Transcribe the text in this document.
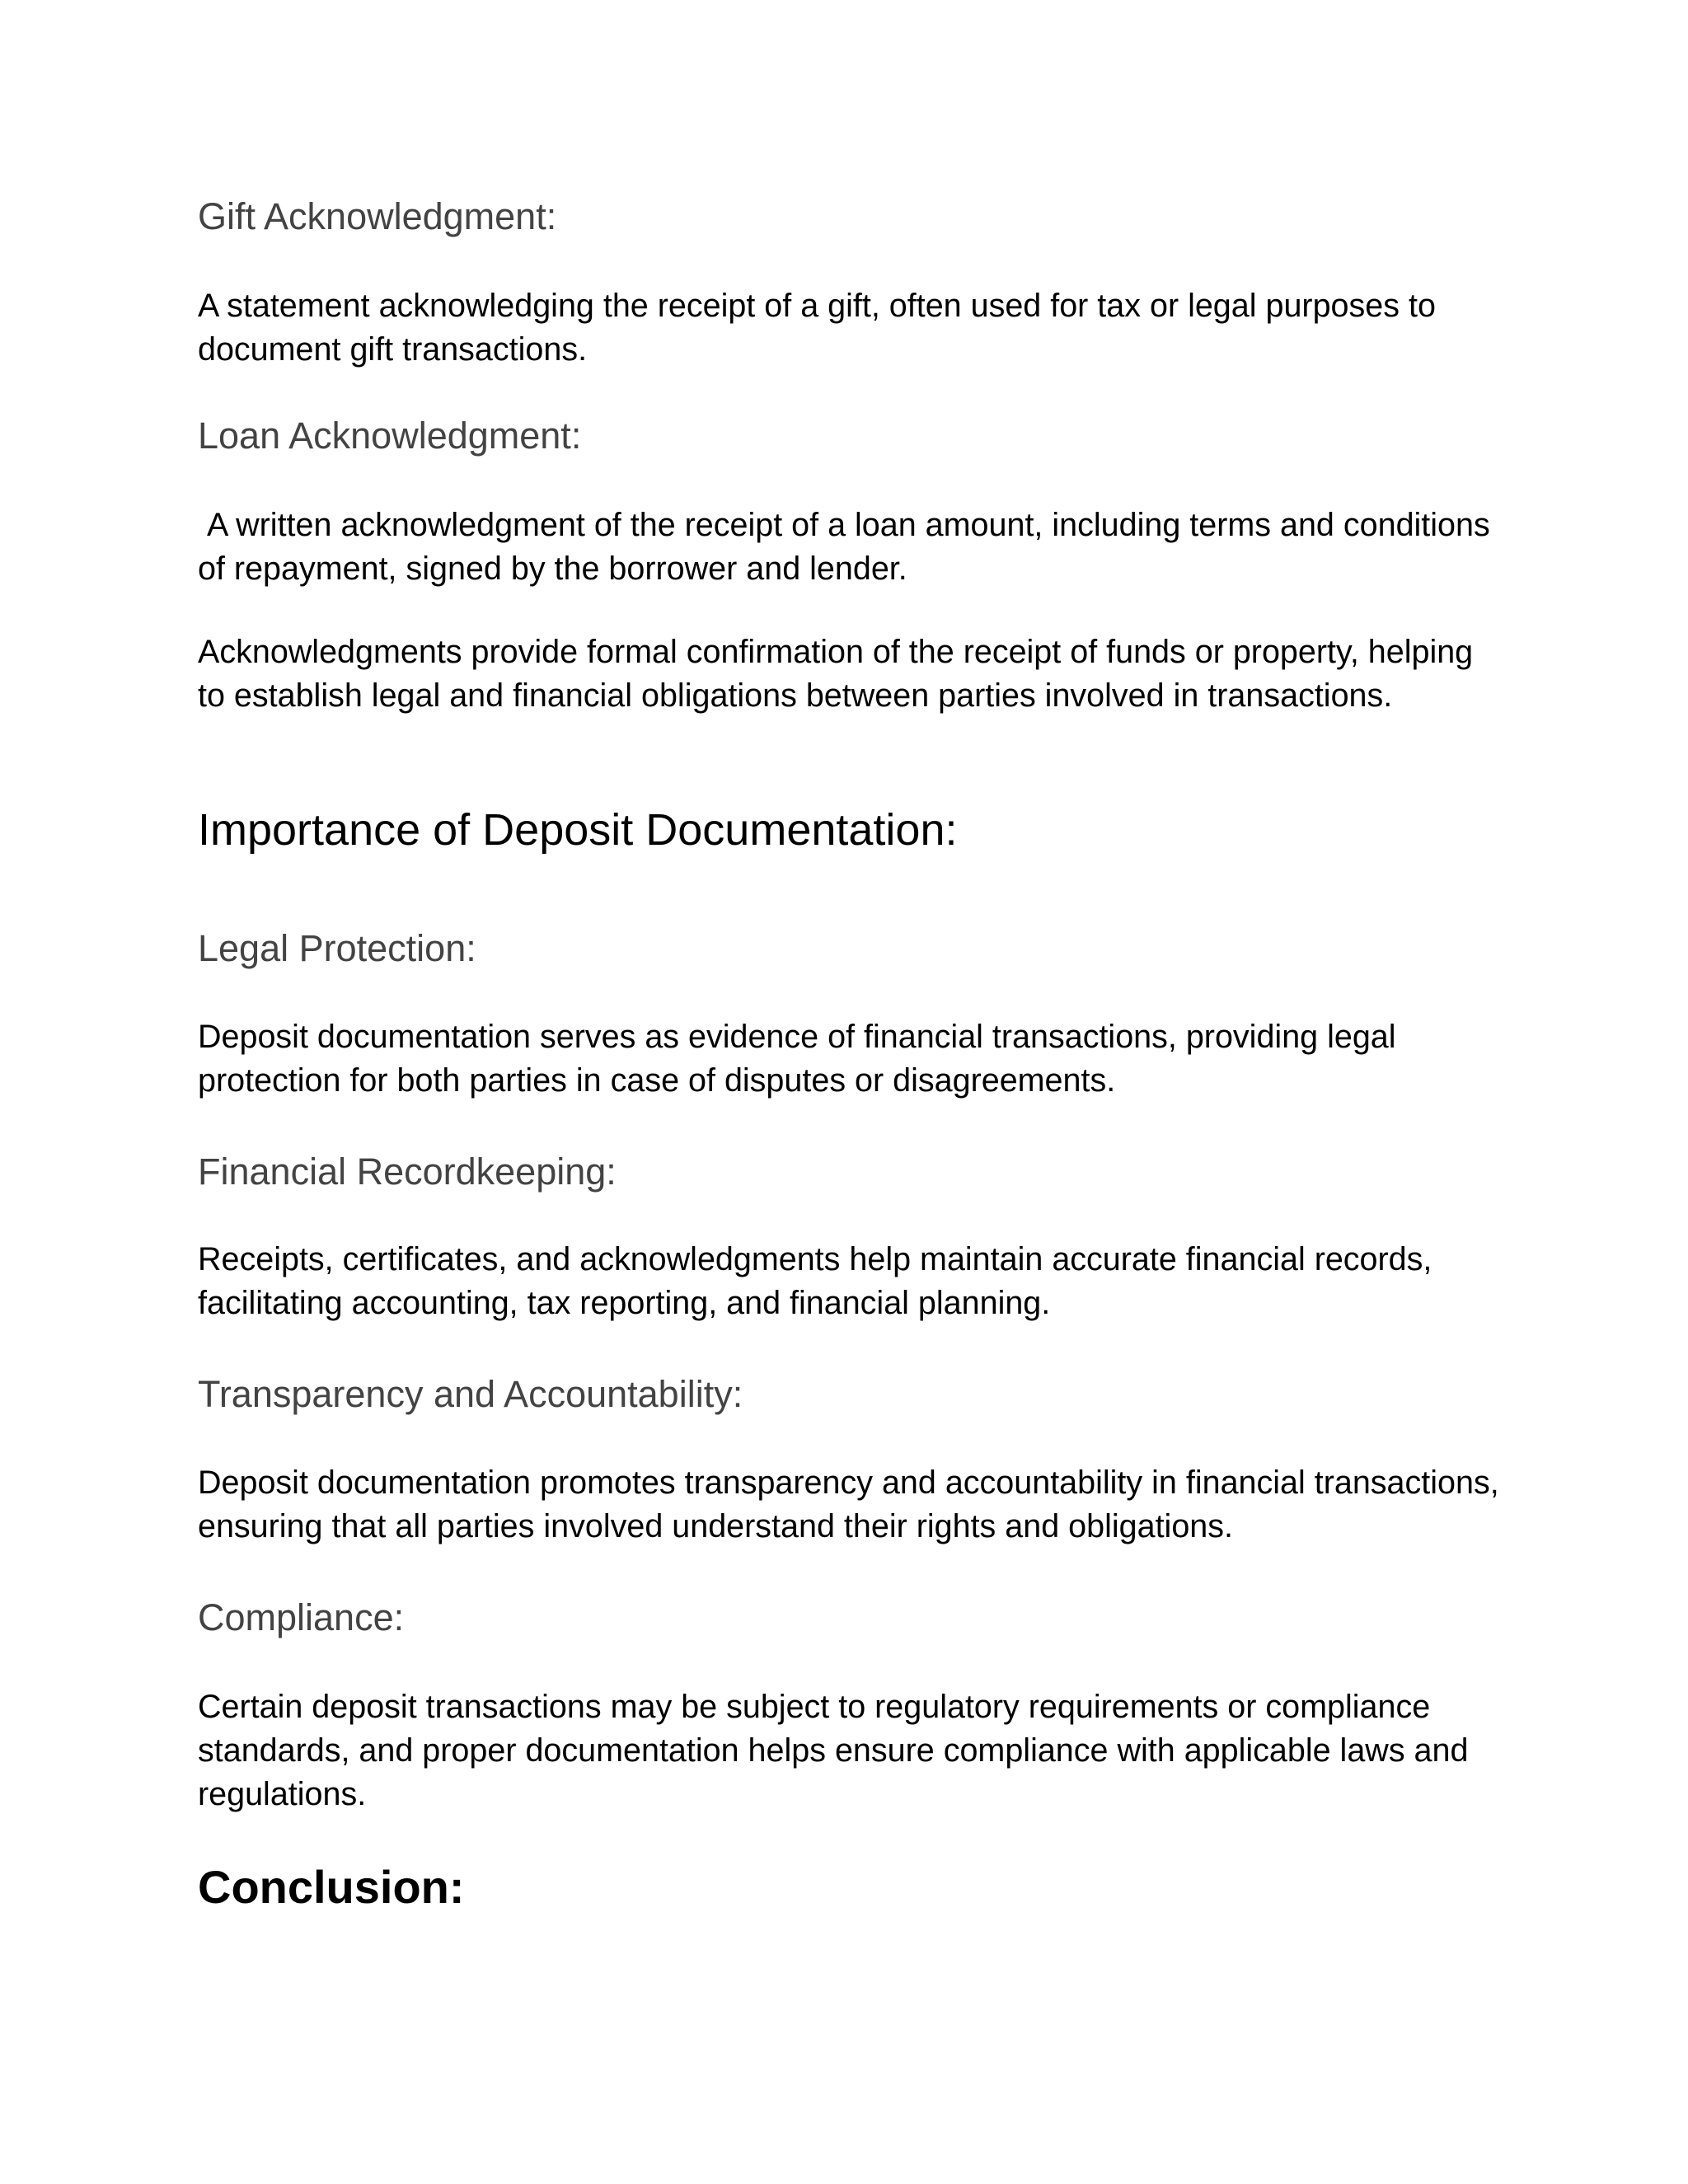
Gift Acknowledgment:
A statement acknowledging the receipt of a gift, often used for tax or legal purposes to document gift transactions.
Loan Acknowledgment:
A written acknowledgment of the receipt of a loan amount, including terms and conditions of repayment, signed by the borrower and lender.
Acknowledgments provide formal confirmation of the receipt of funds or property, helping to establish legal and financial obligations between parties involved in transactions.
Importance of Deposit Documentation:
Legal Protection:
Deposit documentation serves as evidence of financial transactions, providing legal protection for both parties in case of disputes or disagreements.
Financial Recordkeeping:
Receipts, certificates, and acknowledgments help maintain accurate financial records, facilitating accounting, tax reporting, and financial planning.
Transparency and Accountability:
Deposit documentation promotes transparency and accountability in financial transactions, ensuring that all parties involved understand their rights and obligations.
Compliance:
Certain deposit transactions may be subject to regulatory requirements or compliance standards, and proper documentation helps ensure compliance with applicable laws and regulations.
Conclusion:
